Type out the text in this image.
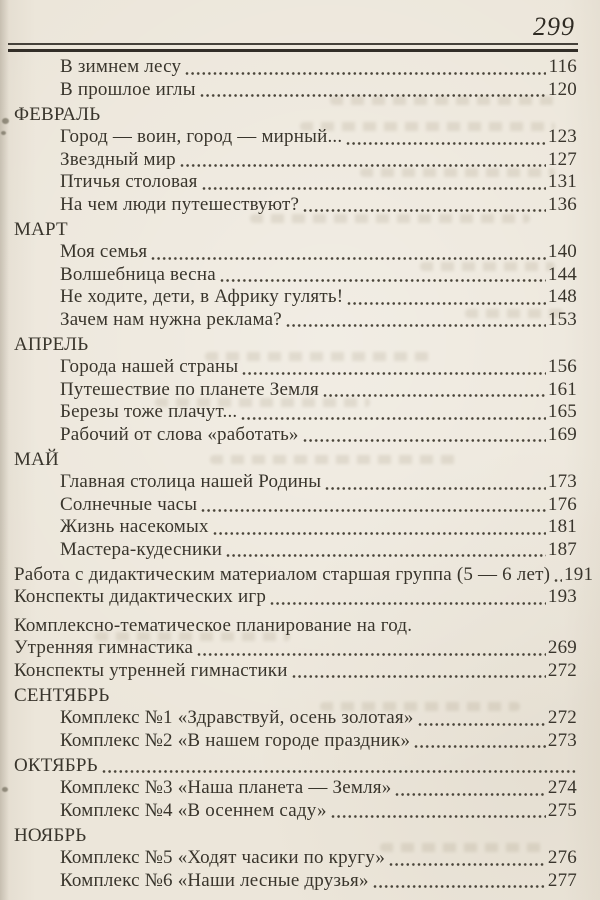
299
В зимнем лесу	116
В прошлое иглы	120
ФЕВРАЛЬ
Город — воин, город — мирный...	123
Звездный мир	127
Птичья столовая	131
На чем люди путешествуют?	136
МАРТ
Моя семья	140
Волшебница весна	144
Не ходите, дети, в Африку гулять!	148
Зачем нам нужна реклама?	153
АПРЕЛЬ
Города нашей страны	156
Путешествие по планете Земля	161
Березы тоже плачут...	165
Рабочий от слова «работать»	169
МАЙ
Главная столица нашей Родины	173
Солнечные часы	176
Жизнь насекомых	181
Мастера-кудесники	187
Работа с дидактическим материалом старшая группа (5 — 6 лет) 191
Конспекты дидактических игр	193
Комплексно-тематическое планирование на год.
Утренняя гимнастика	269
Конспекты утренней гимнастики	272
СЕНТЯБРЬ
Комплекс №1 «Здравствуй, осень золотая»	272
Комплекс №2 «В нашем городе праздник»	273
ОКТЯБРЬ
Комплекс №3 «Наша планета — Земля»	274
Комплекс №4 «В осеннем саду»	275
НОЯБРЬ
Комплекс №5 «Ходят часики по кругу»	276
Комплекс №6 «Наши лесные друзья»	277
